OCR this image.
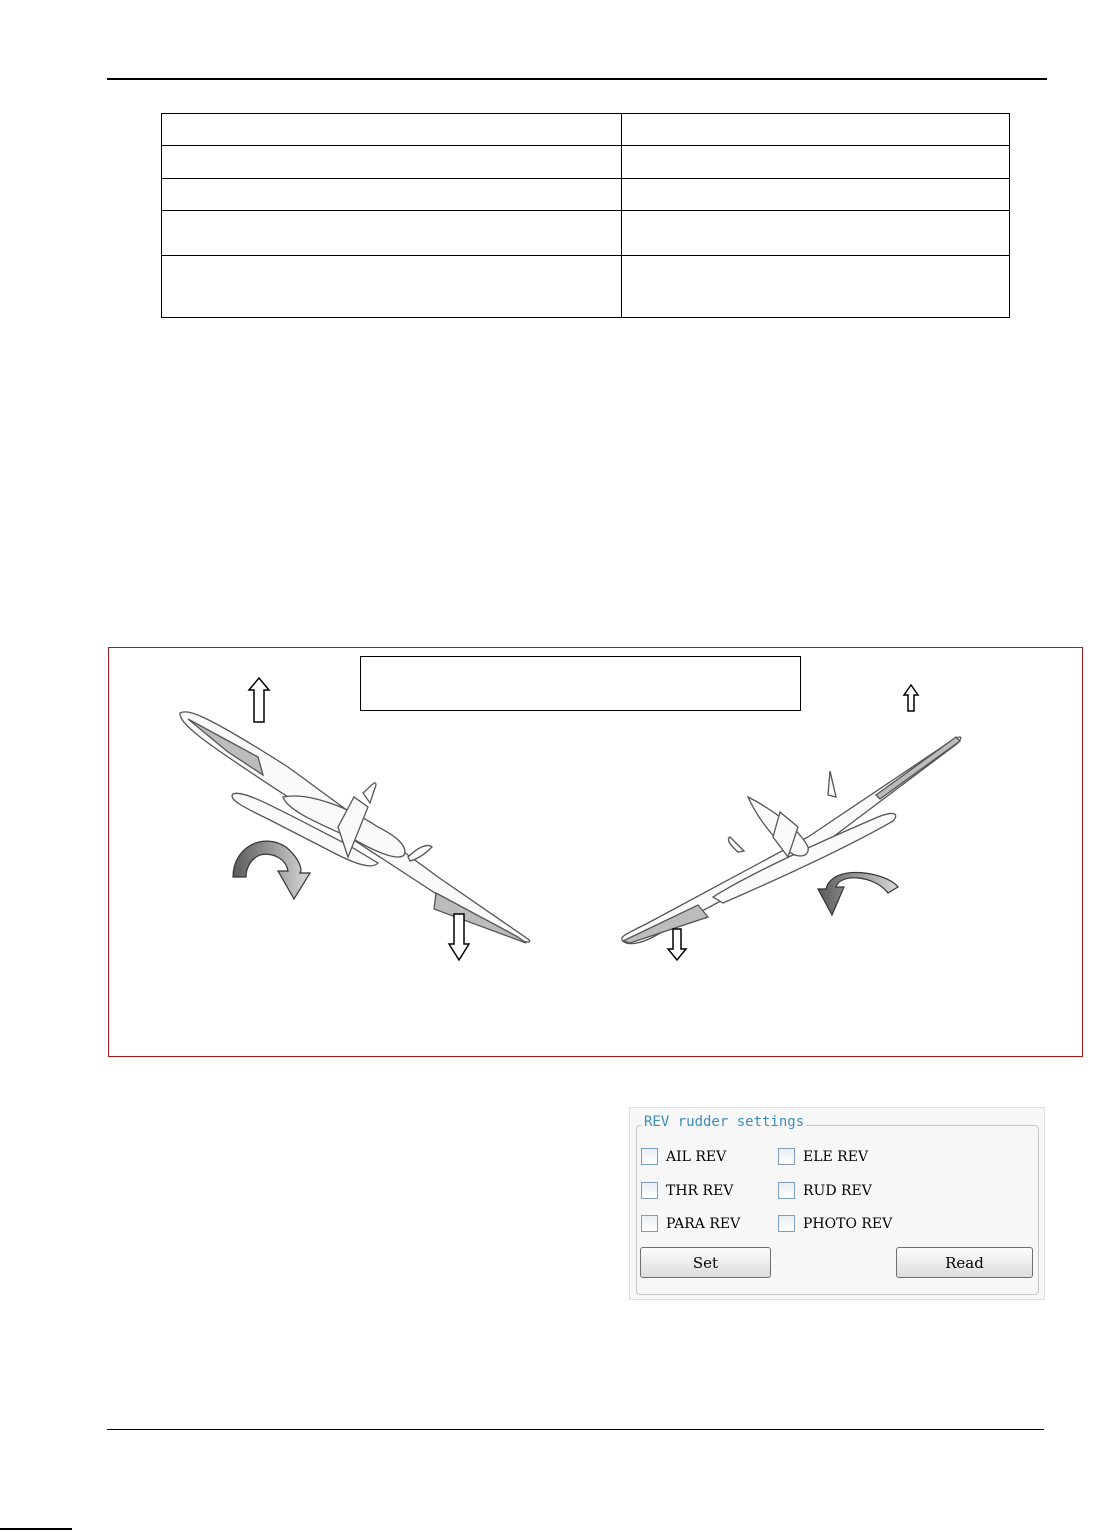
REV rudder settings
AIL REV	ELE REV
THR REV	RUD REV
PARA REV	PHOTO REV
Set	Read
